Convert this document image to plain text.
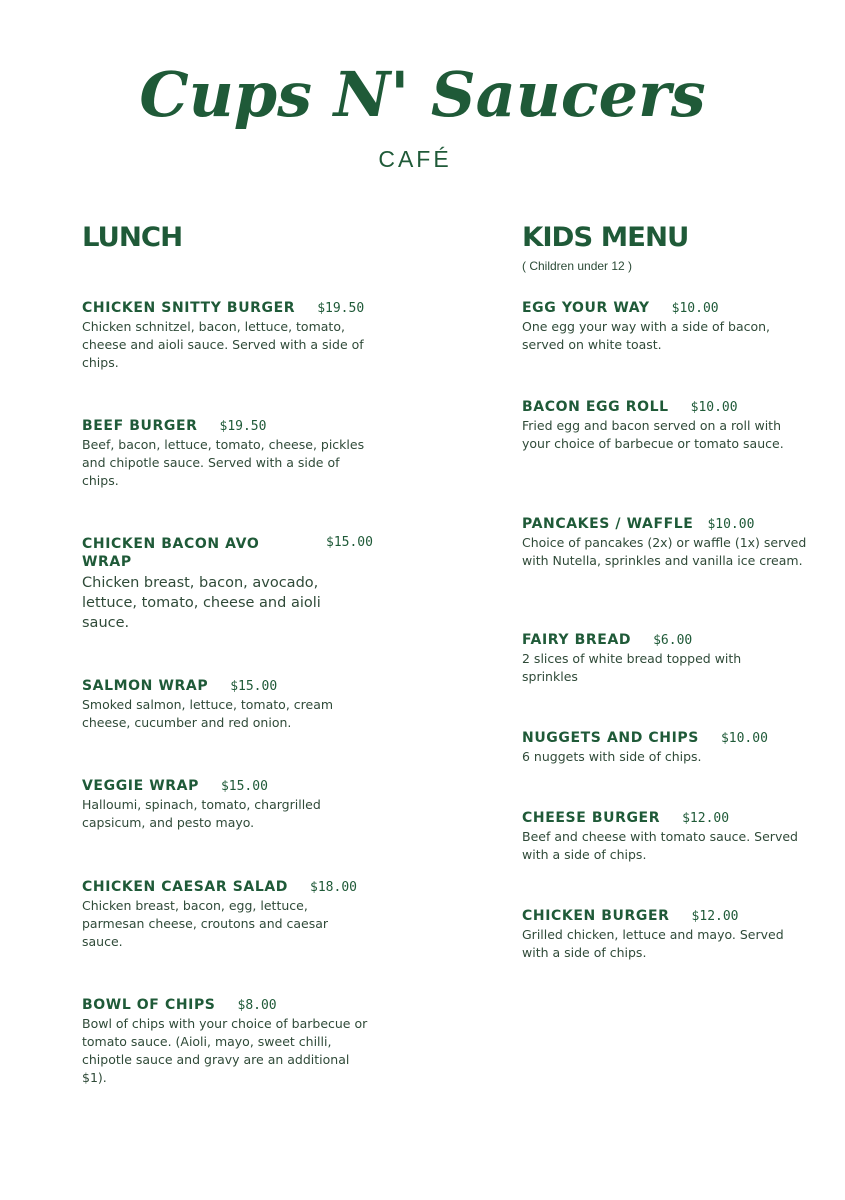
Cups N' Saucers
CAFÉ
LUNCH
CHICKEN SNITTY BURGER $19.50
Chicken schnitzel, bacon, lettuce, tomato, cheese and aioli sauce. Served with a side of chips.
BEEF BURGER $19.50
Beef, bacon, lettuce, tomato, cheese, pickles and chipotle sauce. Served with a side of chips.
CHICKEN BACON AVO WRAP
$15.00
Chicken breast, bacon, avocado, lettuce, tomato, cheese and aioli sauce.
SALMON WRAP $15.00
Smoked salmon, lettuce, tomato, cream cheese, cucumber and red onion.
VEGGIE WRAP $15.00
Halloumi, spinach, tomato, chargrilled capsicum, and pesto mayo.
CHICKEN CAESAR SALAD $18.00
Chicken breast, bacon, egg, lettuce, parmesan cheese, croutons and caesar sauce.
BOWL OF CHIPS $8.00
Bowl of chips with your choice of barbecue or tomato sauce. (Aioli, mayo, sweet chilli, chipotle sauce and gravy are an additional $1).
KIDS MENU
( Children under 12 )
EGG YOUR WAY $10.00
One egg your way with a side of bacon, served on white toast.
BACON EGG ROLL $10.00
Fried egg and bacon served on a roll with your choice of barbecue or tomato sauce.
PANCAKES / WAFFLE $10.00
Choice of pancakes (2x) or waffle (1x) served with Nutella, sprinkles and vanilla ice cream.
FAIRY BREAD $6.00
2 slices of white bread topped with sprinkles
NUGGETS AND CHIPS $10.00
6 nuggets with side of chips.
CHEESE BURGER $12.00
Beef and cheese with tomato sauce. Served with a side of chips.
CHICKEN BURGER $12.00
Grilled chicken, lettuce and mayo. Served with a side of chips.
